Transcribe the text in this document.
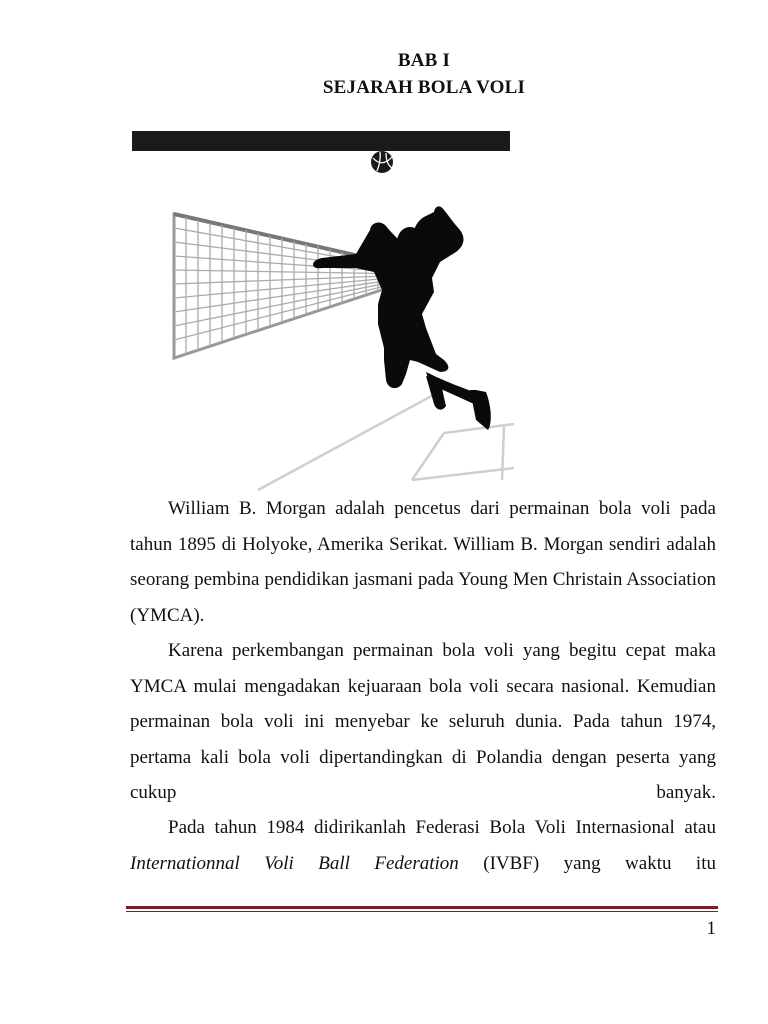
BAB I
SEJARAH BOLA VOLI
William B. Morgan adalah pencetus dari permainan bola voli pada tahun 1895 di Holyoke, Amerika Serikat. William B. Morgan sendiri adalah seorang pembina pendidikan jasmani pada Young Men Christain Association (YMCA).
Karena perkembangan permainan bola voli yang begitu cepat maka YMCA mulai mengadakan kejuaraan bola voli secara nasional. Kemudian permainan bola voli ini menyebar ke seluruh dunia. Pada tahun 1974, pertama kali bola voli dipertandingkan di Polandia dengan peserta yang cukup banyak.
Pada tahun 1984 didirikanlah Federasi Bola Voli Internasional atau Internationnal Voli Ball Federation (IVBF) yang waktu itu
1
